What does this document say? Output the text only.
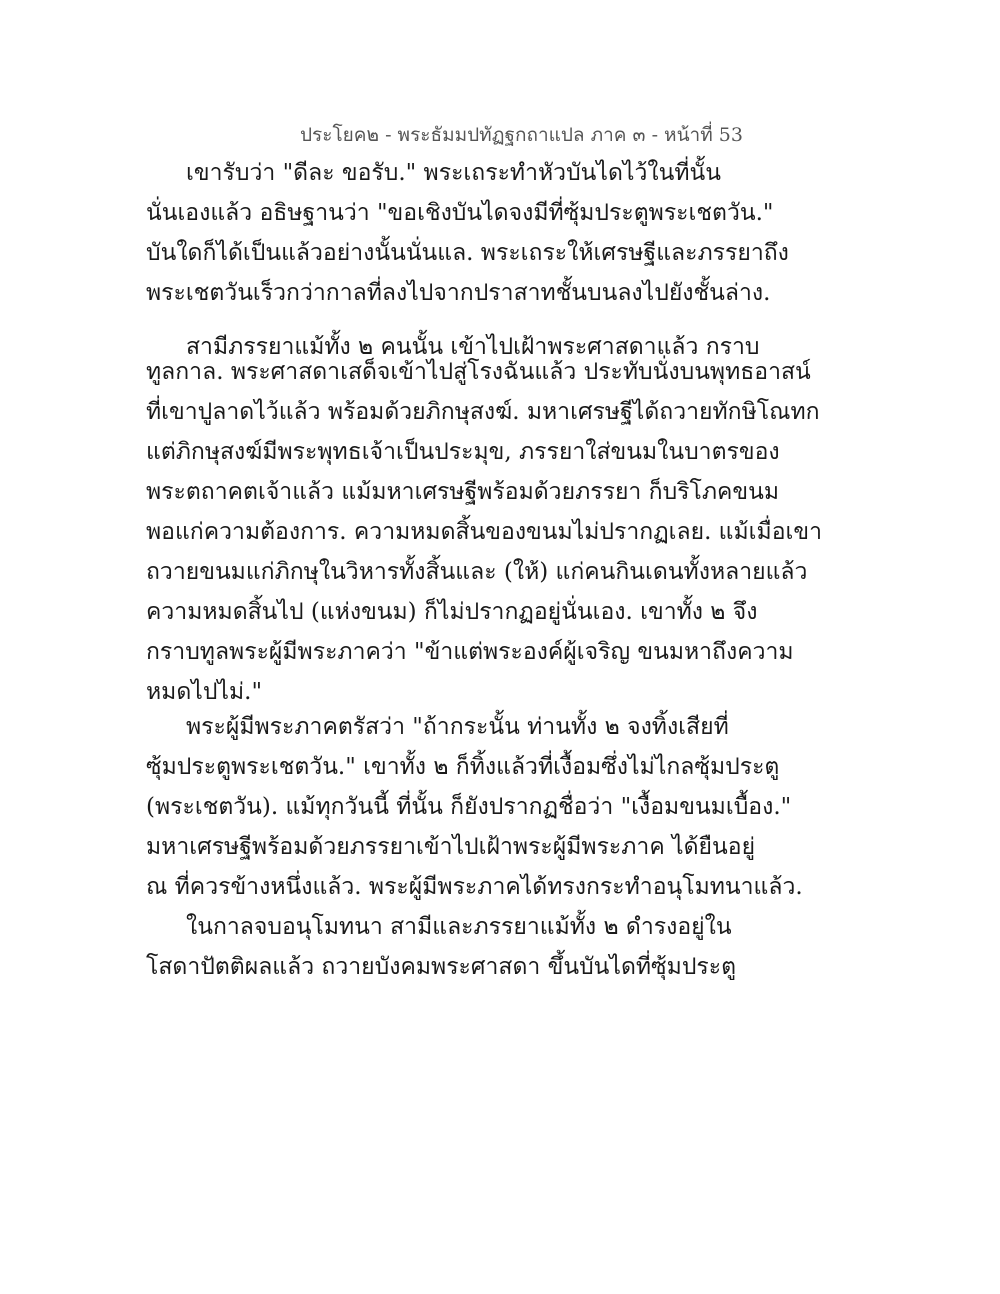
ประโยค๒ - พระธัมมปทัฏฐกถาแปล ภาค ๓ - หน้าที่ 53
เขารับว่า "ดีละ ขอรับ." พระเถระทำหัวบันไดไว้ในที่นั้น
นั่นเองแล้ว อธิษฐานว่า "ขอเชิงบันไดจงมีที่ซุ้มประตูพระเชตวัน."
บันใดก็ได้เป็นแล้วอย่างนั้นนั่นแล. พระเถระให้เศรษฐีและภรรยาถึง
พระเชตวันเร็วกว่ากาลที่ลงไปจากปราสาทชั้นบนลงไปยังชั้นล่าง.
สามีภรรยาแม้ทั้ง ๒ คนนั้น เข้าไปเฝ้าพระศาสดาแล้ว กราบ
ทูลกาล. พระศาสดาเสด็จเข้าไปสู่โรงฉันแล้ว ประทับนั่งบนพุทธอาสน์
ที่เขาปูลาดไว้แล้ว พร้อมด้วยภิกษุสงฆ์. มหาเศรษฐีได้ถวายทักษิโณทก
แต่ภิกษุสงฆ์มีพระพุทธเจ้าเป็นประมุข, ภรรยาใส่ขนมในบาตรของ
พระตถาคตเจ้าแล้ว แม้มหาเศรษฐีพร้อมด้วยภรรยา ก็บริโภคขนม
พอแก่ความต้องการ. ความหมดสิ้นของขนมไม่ปรากฏเลย. แม้เมื่อเขา
ถวายขนมแก่ภิกษุในวิหารทั้งสิ้นและ (ให้) แก่คนกินเดนทั้งหลายแล้ว
ความหมดสิ้นไป (แห่งขนม) ก็ไม่ปรากฏอยู่นั่นเอง. เขาทั้ง ๒ จึง
กราบทูลพระผู้มีพระภาคว่า "ข้าแต่พระองค์ผู้เจริญ ขนมหาถึงความ
หมดไปไม่."
พระผู้มีพระภาคตรัสว่า "ถ้ากระนั้น ท่านทั้ง ๒ จงทิ้งเสียที่
ซุ้มประตูพระเชตวัน." เขาทั้ง ๒ ก็ทิ้งแล้วที่เงื้อมซึ่งไม่ไกลซุ้มประตู
(พระเชตวัน). แม้ทุกวันนี้ ที่นั้น ก็ยังปรากฏชื่อว่า "เงื้อมขนมเบื้อง."
มหาเศรษฐีพร้อมด้วยภรรยาเข้าไปเฝ้าพระผู้มีพระภาค ได้ยืนอยู่
ณ ที่ควรข้างหนึ่งแล้ว. พระผู้มีพระภาคได้ทรงกระทำอนุโมทนาแล้ว.
ในกาลจบอนุโมทนา สามีและภรรยาแม้ทั้ง ๒ ดำรงอยู่ใน
โสดาปัตติผลแล้ว ถวายบังคมพระศาสดา ขึ้นบันไดที่ซุ้มประตู
